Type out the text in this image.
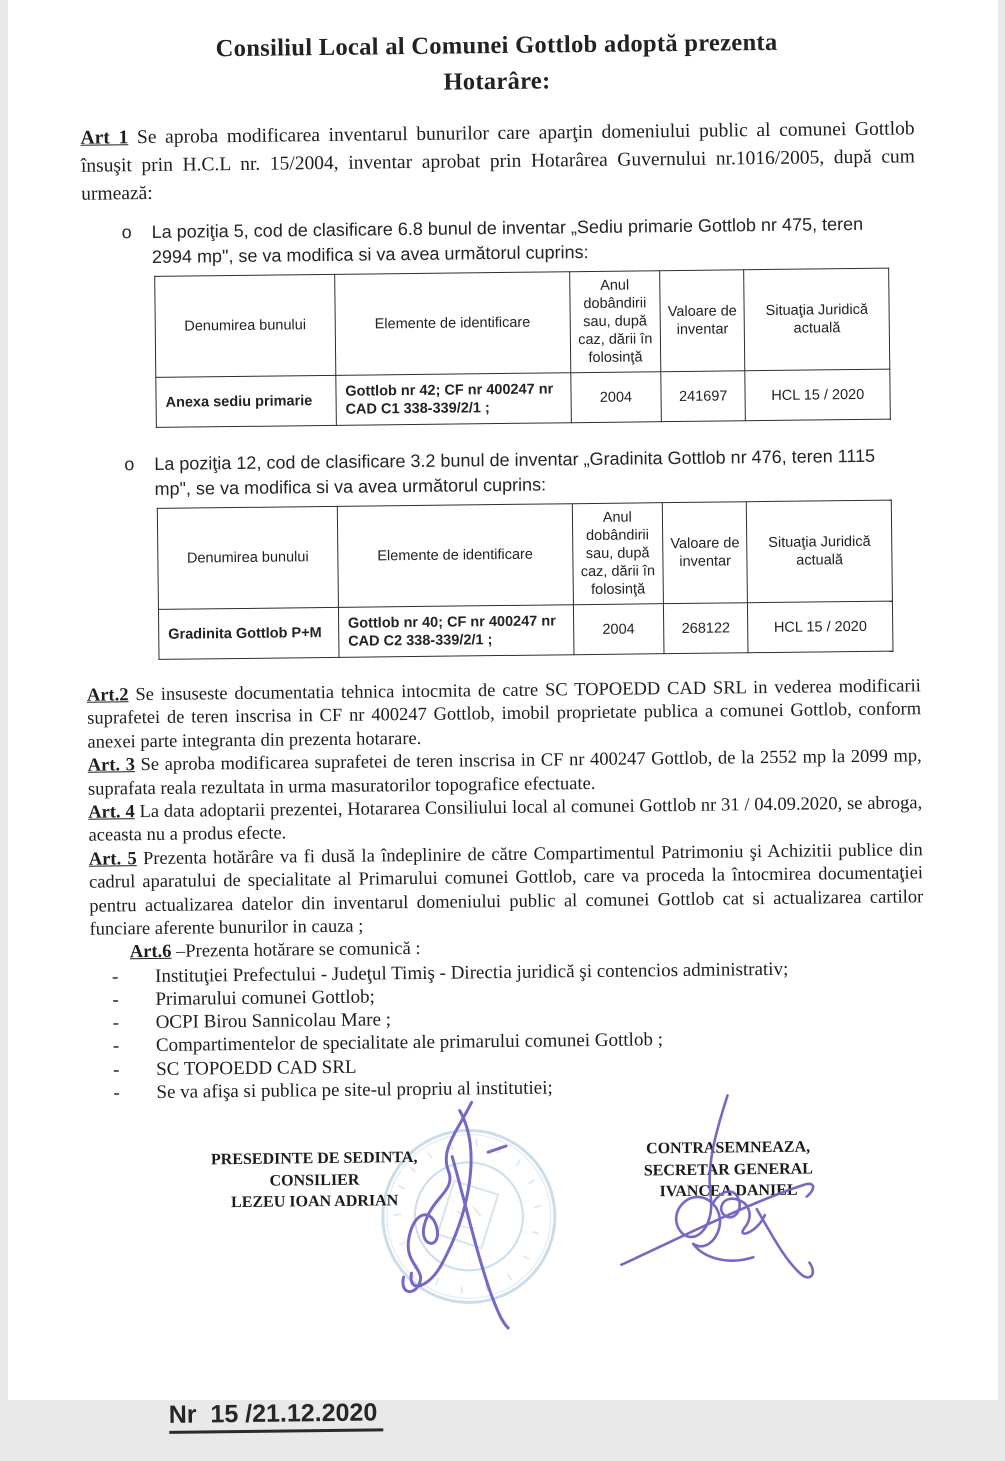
Consiliul Local al Comunei Gottlob adoptă prezenta
Hotarâre:

Art 1 Se aproba modificarea inventarul bunurilor care aparţin domeniului public al comunei Gottlob însuşit prin H.C.L nr. 15/2004, inventar aprobat prin Hotarârea Guvernului nr.1016/2005, după cum urmează:

o	La poziţia 5, cod de clasificare 6.8 bunul de inventar „Sediu primarie Gottlob nr 475, teren 2994 mp", se va modifica si va avea următorul cuprins:
Denumirea bunului	Elemente de identificare	Anul dobândirii sau, după caz, dării în folosinţă	Valoare de inventar	Situaţia Juridică actuală
Anexa sediu primarie	Gottlob nr 42; CF nr 400247 nr CAD C1 338-339/2/1 ;	2004	241697	HCL 15 / 2020
o	La poziţia 12, cod de clasificare 3.2 bunul de inventar „Gradinita Gottlob nr 476, teren 1115 mp", se va modifica si va avea următorul cuprins:
Denumirea bunului	Elemente de identificare	Anul dobândirii sau, după caz, dării în folosinţă	Valoare de inventar	Situaţia Juridică actuală
Gradinita Gottlob P+M	Gottlob nr 40; CF nr 400247 nr CAD C2 338-339/2/1 ;	2004	268122	HCL 15 / 2020

Art.2 Se insuseste documentatia tehnica intocmita de catre SC TOPOEDD CAD SRL in vederea modificarii suprafetei de teren inscrisa in CF nr 400247 Gottlob, imobil proprietate publica a comunei Gottlob, conform anexei parte integranta din prezenta hotarare.

Art. 3 Se aproba modificarea suprafetei de teren inscrisa in CF nr 400247 Gottlob, de la 2552 mp la 2099 mp, suprafata reala rezultata in urma masuratorilor topografice efectuate.

Art. 4 La data adoptarii prezentei, Hotararea Consiliului local al comunei Gottlob nr 31 / 04.09.2020, se abroga, aceasta nu a produs efecte.

Art. 5 Prezenta hotărâre va fi dusă la îndeplinire de către Compartimentul Patrimoniu şi Achizitii publice din cadrul aparatului de specialitate al Primarului comunei Gottlob, care va proceda la întocmirea documentaţiei pentru actualizarea datelor din inventarul domeniului public al comunei Gottlob cat si actualizarea cartilor funciare aferente bunurilor in cauza ;

Art.6 –Prezenta hotărare se comunică :

-	Instituţiei Prefectului - Judeţul Timiş - Directia juridică şi contencios administrativ;
-	Primarului comunei Gottlob;
-	OCPI Birou Sannicolau Mare ;
-	Compartimentelor de specialitate ale primarului comunei Gottlob ;
-	SC TOPOEDD CAD SRL
-	Se va afişa si publica pe site-ul propriu al institutiei;
PRESEDINTE DE SEDINTA,
CONSILIER
LEZEU IOAN ADRIAN
CONTRASEMNEAZA,
SECRETAR GENERAL
IVANCEA DANIEL

Nr  15 /21.12.2020
